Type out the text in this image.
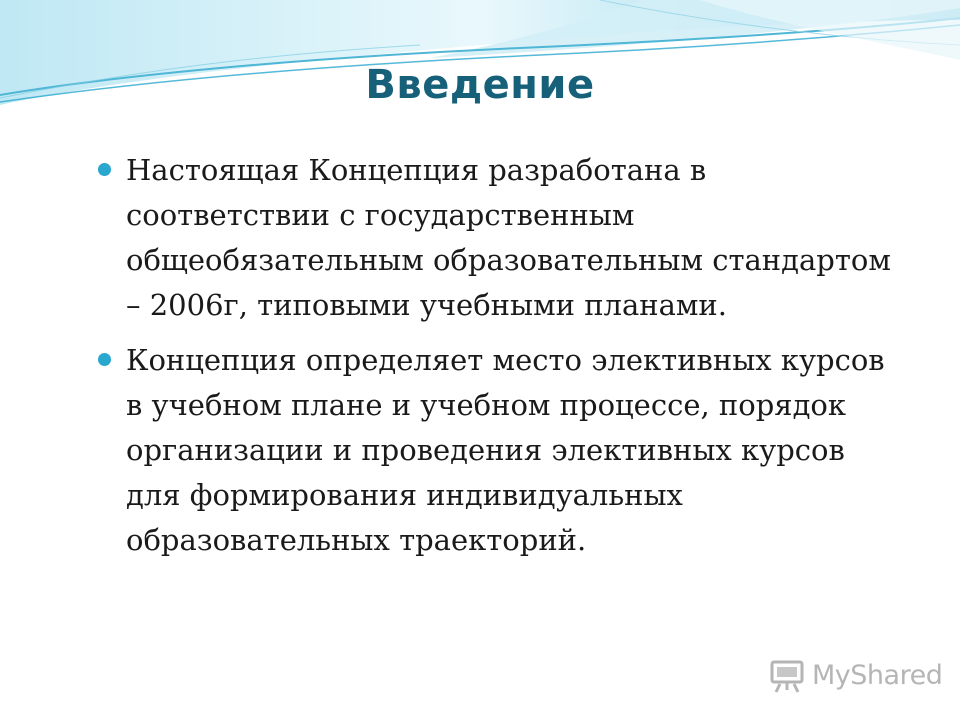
Введение
Настоящая Концепция разработана в соответствии с государственным общеобязательным образовательным стандартом – 2006г, типовыми учебными планами.
Концепция определяет место элективных курсов в учебном плане и учебном процессе, порядок организации и проведения элективных курсов для формирования индивидуальных образовательных траекторий.
MyShared
